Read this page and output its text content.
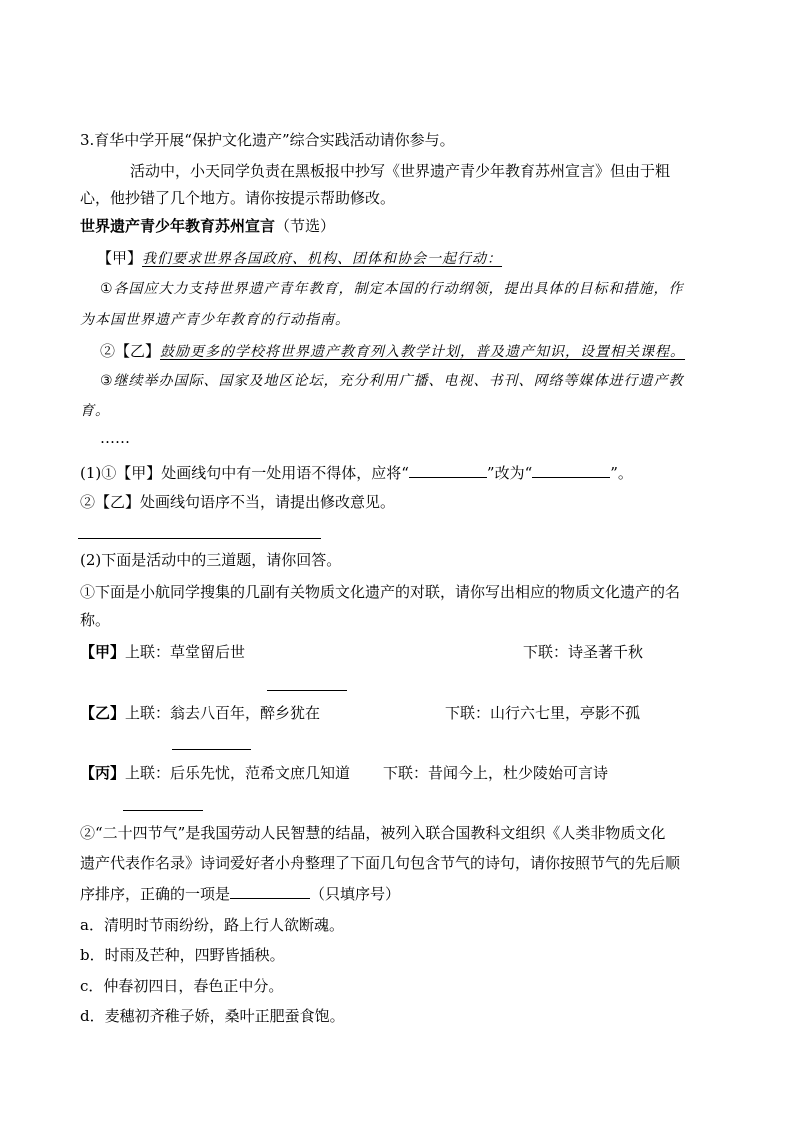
3.育华中学开展“保护文化遗产”综合实践活动请你参与。
活动中，小天同学负责在黑板报中抄写《世界遗产青少年教育苏州宣言》但由于粗
心，他抄错了几个地方。请你按提示帮助修改。
世界遗产青少年教育苏州宣言（节选）
【甲】我们要求世界各国政府、机构、团体和协会一起行动：
①各国应大力支持世界遗产青年教育，制定本国的行动纲领，提出具体的目标和措施，作
为本国世界遗产青少年教育的行动指南。
②【乙】鼓励更多的学校将世界遗产教育列入教学计划，普及遗产知识，设置相关课程。
③继续举办国际、国家及地区论坛，充分利用广播、电视、书刊、网络等媒体进行遗产教
育。
……
(1)①【甲】处画线句中有一处用语不得体，应将“	”改为“	”。
②【乙】处画线句语序不当，请提出修改意见。
(2)下面是活动中的三道题，请你回答。
①下面是小航同学搜集的几副有关物质文化遗产的对联，请你写出相应的物质文化遗产的名
称。
【甲】上联：草堂留后世	下联：诗圣著千秋
【乙】上联：翁去八百年，醉乡犹在	下联：山行六七里，亭影不孤
【丙】上联：后乐先忧，范希文庶几知道 下联：昔闻今上，杜少陵始可言诗
②“二十四节气”是我国劳动人民智慧的结晶，被列入联合国教科文组织《人类非物质文化
遗产代表作名录》诗词爱好者小舟整理了下面几句包含节气的诗句，请你按照节气的先后顺
序排序，正确的一项是	（只填序号）
a．清明时节雨纷纷，路上行人欲断魂。
b．时雨及芒种，四野皆插秧。
c．仲春初四日，春色正中分。
d．麦穗初齐稚子娇，桑叶正肥蚕食饱。
